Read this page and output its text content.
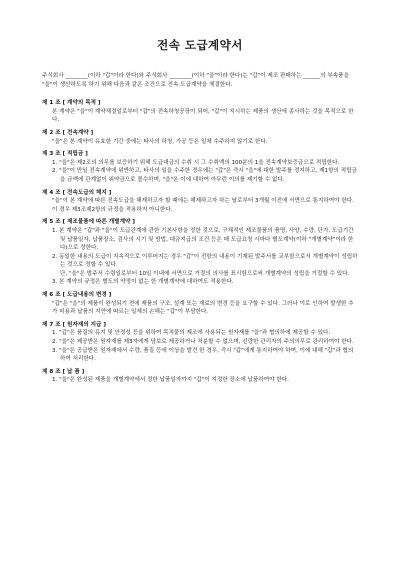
전속 도급계약서

주식회사 ________(이하 "갑"이라 한다)와 주식회사 ________(이하 "을"이라 한다)는 "갑"이 제조 판매하는 ______의 부속품을 "을"이 생산하도록 하기 위해 다음과 같은 조건으로 전속 도급계약을 체결한다.

제 1 조 [ 계약의 목적 ]

본 계약은 "을"이 계약체결일로부터 "갑"의 전속하청공장이 되어, "갑"이 지시하는 제품의 생산에 종사하는 것을 목적으로 한다.

제 2 조 [ 전속계약 ]

"을"은 본 계약이 유효한 기간 중에는 타사의 하청, 가공 등은 일체 수주하지 않기로 한다.

제 3 조 [ 적립금 ]

1. "을"은 제2조의 의무를 보증하기 위해 도급대금의 수취 시 그 수취액의 100분의 1을 전속계약보증금으로 적립한다.

2. "을"이 만일 전속계약에 위반하고, 타사의 일을 수주한 경우에는 "갑"은 즉시 "을"에 대한 발주를 정지하고, 제1항의 적립금을 금액에 관계없이 위약금으로 몰수하며, "을"은 이에 대하여 아무런 이의를 제기할 수 없다.

제 4 조 [ 전속도급의 해지 ]

"을"이 본 계약에 따른 전속도급을 해제하고자 할 때에는 해제하고자 하는 날로부터 3개월 이전에 서면으로 통지하여야 한다. 이 경우 제3조제2항의 규정을 적용하지 아니한다.

제 5 조 [ 제조물품에 따른 개별계약 ]

1. 본 계약은 "갑"과 "을"이 도급관계에 관한 기본사항을 정한 것으로, 구체적인 제조물품의 품명, 사양, 수량, 단가, 도급기간 및 납품일자, 납품장소, 검사의 시기 및 방법, 대금지급의 조건 등은 매 도급요청 시마다 별도계약(이하 "개별계약"이라 한다)으로 정한다.

2. 동일한 내용의 도급이 지속적으로 이루어지는 경우 "갑"이 전항의 내용이 기재된 발주서를 교부함으로서 개별계약이 성립하는 것으로 정할 수 있다.

단, "을"은 발주서 수령일로부터 10일 이내에 서면으로 거절의 의사를 표시함으로써 개별계약의 성립을 거절할 수 있다.

3. 본 계약의 규정은 별도의 약정이 없는 한 개별계약에 대하여도 적용한다.

제 6 조 [ 도급내용의 변경 ]

"갑"은 "을"의 제품이 완성되기 전에 제품의 구조, 설계 또는 재료의 변경 등을 요구할 수 있다. 그러나 이로 인하여 발생한 추가 비용과 납품의 지연에 따르는 일체의 손해는 "갑"이 부담한다.

제 7 조 [ 원자재의 지급 ]

1. "갑"은 품질의 유지 및 안정성 등을 위하여 목적물의 제조에 사용되는 원자재를 "을"과 협의하에 제공할 수 있다.

2. "을"은 제공받은 원자재를 제3자에게 담보로 제공하거나 처분할 수 없으며, 선량한 관리자의 주의의무로 관리하여야 한다.

3. "을"은 공급받은 원자재에서 수량, 품질 등에 이상을 발견 한 경우, 즉시 "갑"에게 통지하여야 하며, 이에 대해 "갑"과 협의 하여 처리한다.

제 8 조 [ 납 품 ]

1. "을"은 완성된 제품을 개별계약에서 정한 납품일자까지 "갑"이 지정한 장소에 납품하여야 한다.
